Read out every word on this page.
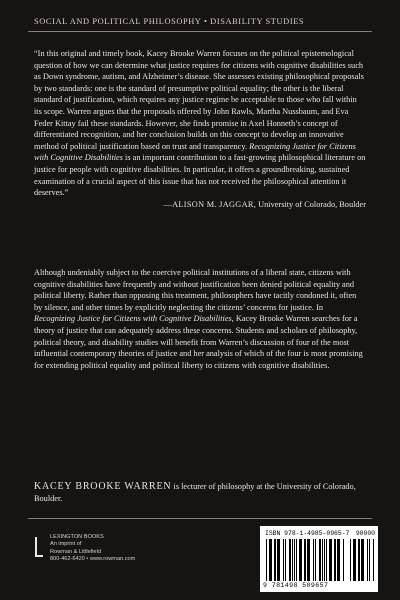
SOCIAL AND POLITICAL PHILOSOPHY • DISABILITY STUDIES

“In this original and timely book, Kacey Brooke Warren focuses on the political epistemological question of how we can determine what justice requires for citizens with cognitive disabilities such as Down syndrome, autism, and Alzheimer’s disease. She assesses existing philosophical proposals by two standards: one is the standard of presumptive political equality; the other is the liberal standard of justification, which requires any justice regime be acceptable to those who fall within its scope. Warren argues that the proposals offered by John Rawls, Martha Nussbaum, and Eva Feder Kittay fail these standards. However, she finds promise in Axel Honneth’s concept of differentiated recognition, and her conclusion builds on this concept to develop an innovative method of political justification based on trust and transparency. Recognizing Justice for Citizens with Cognitive Disabilities is an important contribution to a fast-growing philosophical literature on justice for people with cognitive disabilities. In particular, it offers a groundbreaking, sustained examination of a crucial aspect of this issue that has not received the philosophical attention it deserves.”
—ALISON M. JAGGAR, University of Colorado, Boulder

Although undeniably subject to the coercive political institutions of a liberal state, citizens with cognitive disabilities have frequently and without justification been denied political equality and political liberty. Rather than opposing this treatment, philosophers have tacitly condoned it, often by silence, and other times by explicitly neglecting the citizens’ concerns for justice. In Recognizing Justice for Citizens with Cognitive Disabilities, Kacey Brooke Warren searches for a theory of justice that can adequately address these concerns. Students and scholars of philosophy, political theory, and disability studies will benefit from Warren’s discussion of four of the most influential contemporary theories of justice and her analysis of which of the four is most promising for extending political equality and political liberty to citizens with cognitive disabilities.

KACEY BROOKE WARREN is lecturer of philosophy at the University of Colorado, Boulder.

LEXINGTON BOOKS
An imprint of
Rowman & Littlefield
800-462-6420 • www.rowman.com
ISBN 978-1-4985-0965-7 90000
9 781498 509657
